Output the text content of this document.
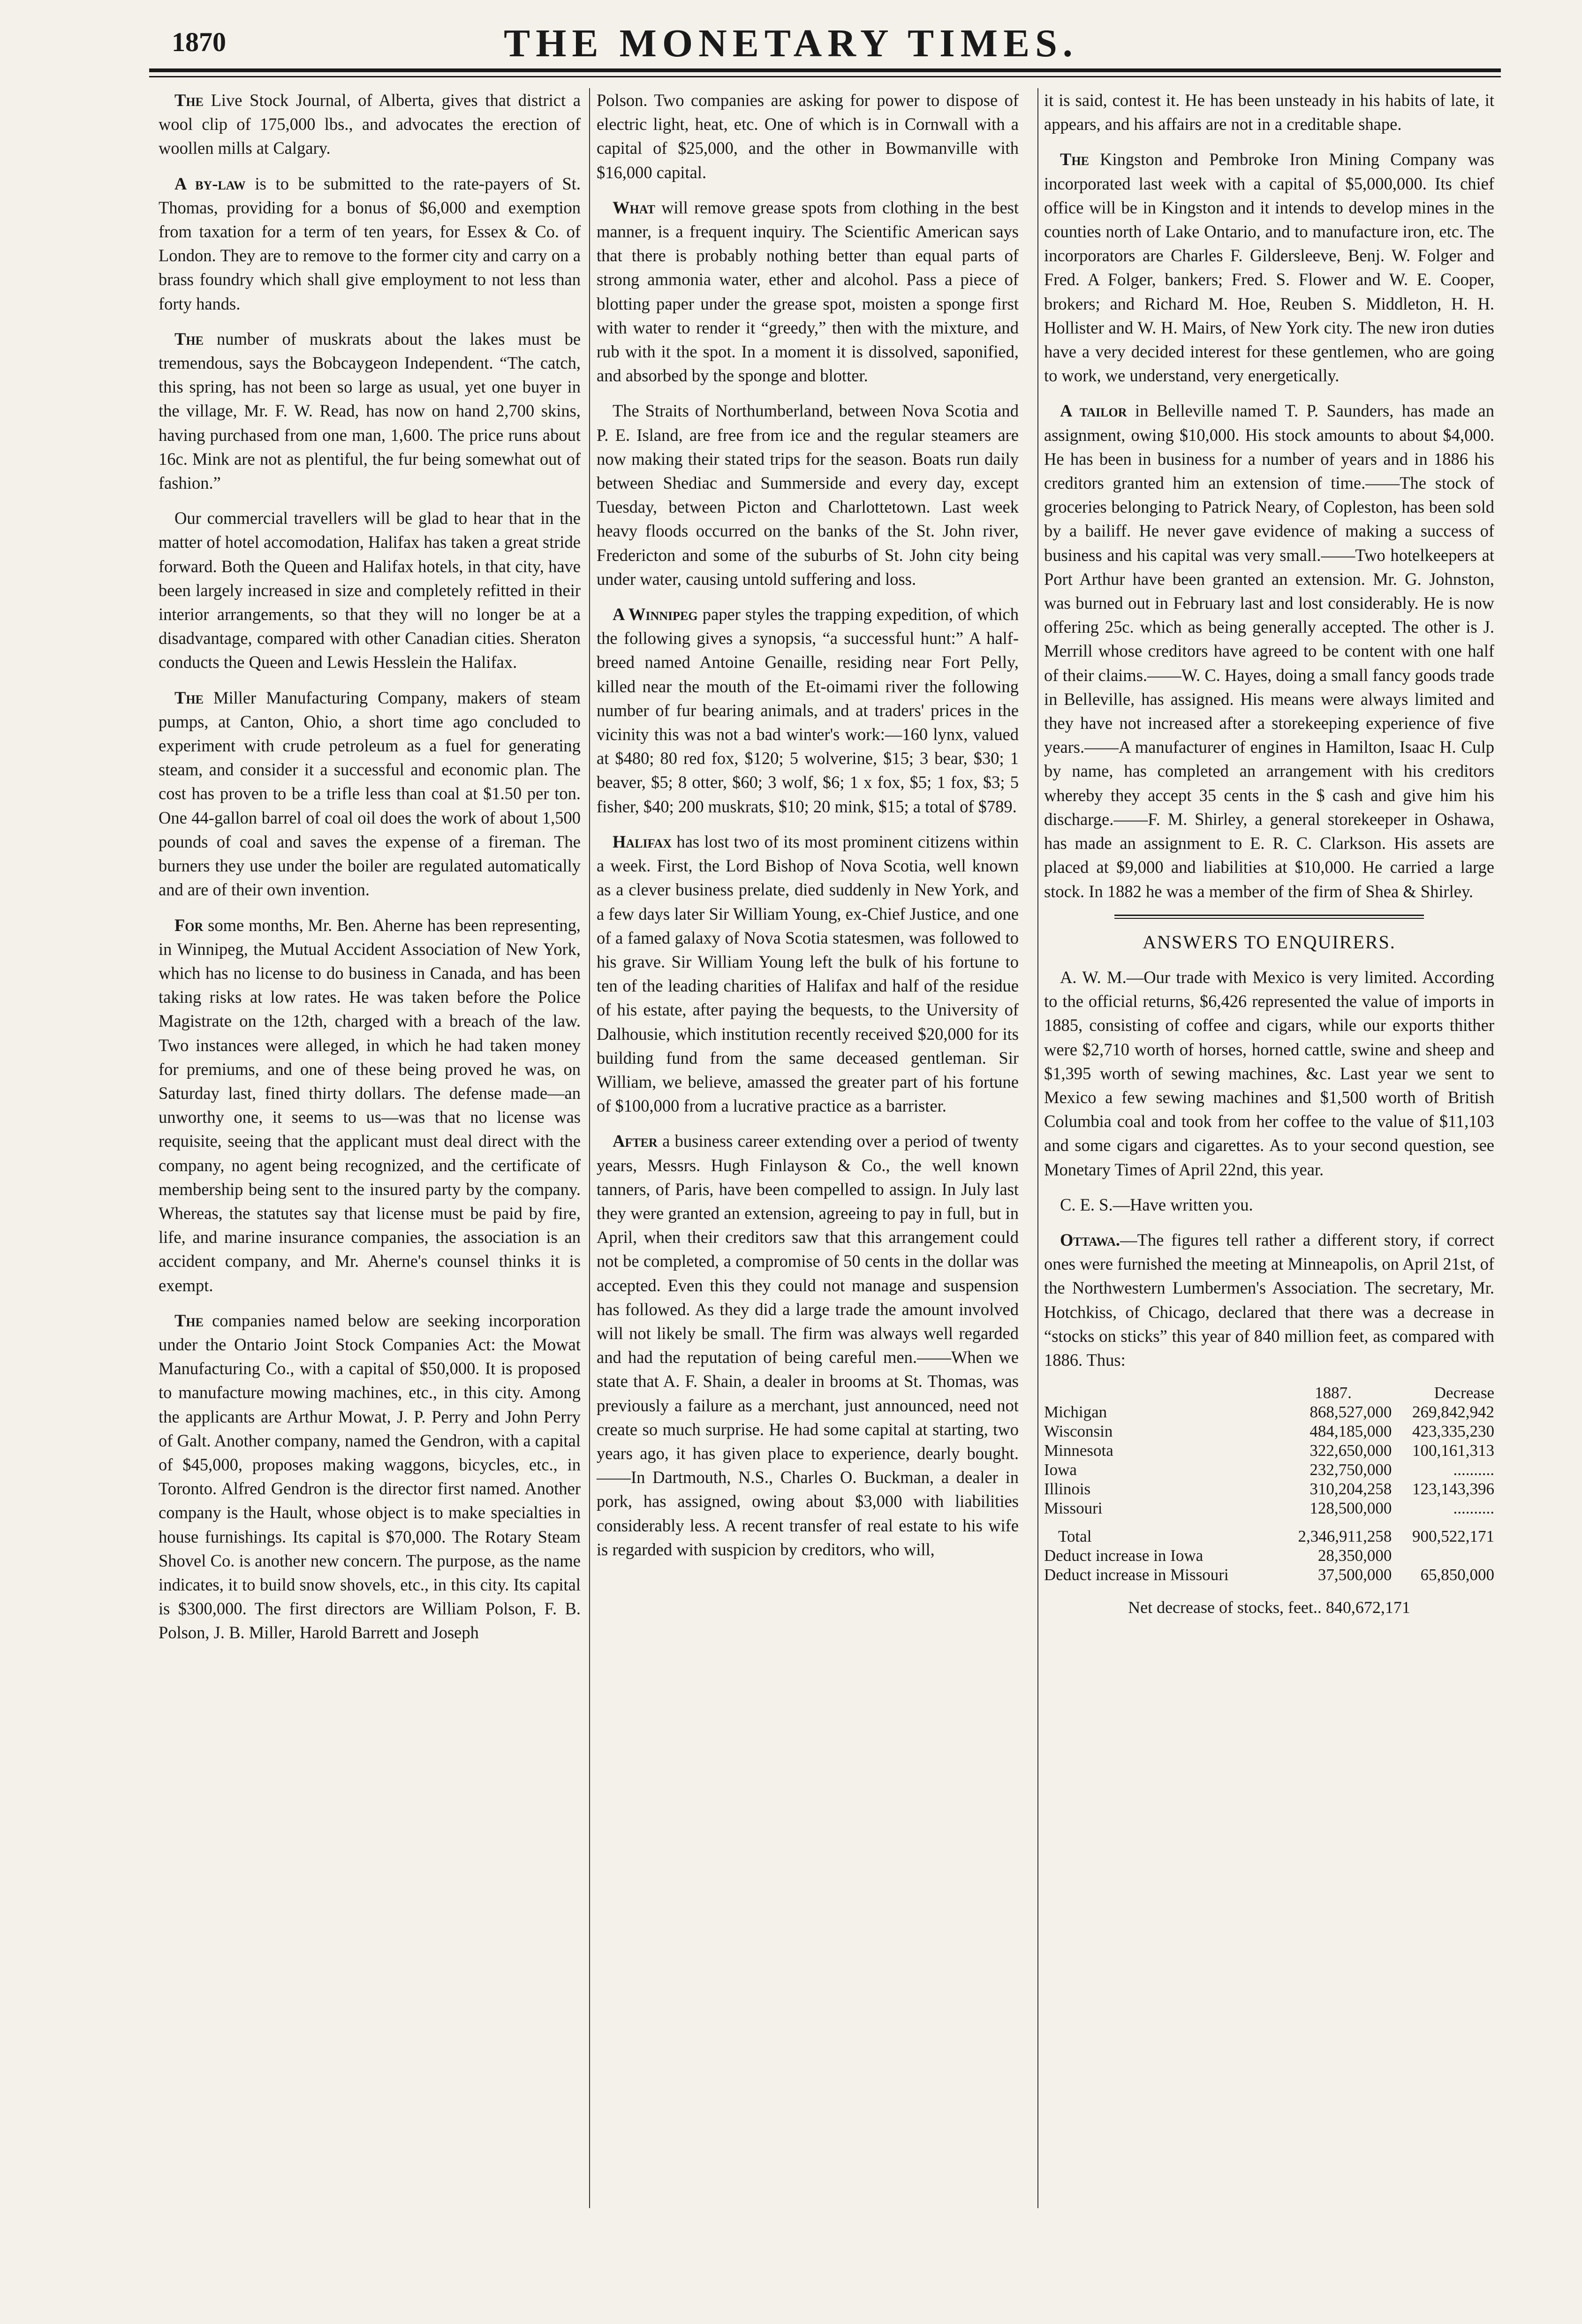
1870	THE MONETARY TIMES.

The Live Stock Journal, of Alberta, gives that district a wool clip of 175,000 lbs., and advocates the erection of woollen mills at Calgary.

A by-law is to be submitted to the rate-payers of St. Thomas, providing for a bonus of $6,000 and exemption from taxation for a term of ten years, for Essex & Co. of London. They are to remove to the former city and carry on a brass foundry which shall give employment to not less than forty hands.

The number of muskrats about the lakes must be tremendous, says the Bobcaygeon Independent. “The catch, this spring, has not been so large as usual, yet one buyer in the village, Mr. F. W. Read, has now on hand 2,700 skins, having purchased from one man, 1,600. The price runs about 16c. Mink are not as plentiful, the fur being somewhat out of fashion.”

Our commercial travellers will be glad to hear that in the matter of hotel accomodation, Halifax has taken a great stride forward. Both the Queen and Halifax hotels, in that city, have been largely increased in size and completely refitted in their interior arrangements, so that they will no longer be at a disadvantage, compared with other Canadian cities. Sheraton conducts the Queen and Lewis Hesslein the Halifax.

The Miller Manufacturing Company, makers of steam pumps, at Canton, Ohio, a short time ago concluded to experiment with crude petroleum as a fuel for generating steam, and consider it a successful and economic plan. The cost has proven to be a trifle less than coal at $1.50 per ton. One 44-gallon barrel of coal oil does the work of about 1,500 pounds of coal and saves the expense of a fireman. The burners they use under the boiler are regulated automatically and are of their own invention.

For some months, Mr. Ben. Aherne has been representing, in Winnipeg, the Mutual Accident Association of New York, which has no license to do business in Canada, and has been taking risks at low rates. He was taken before the Police Magistrate on the 12th, charged with a breach of the law. Two instances were alleged, in which he had taken money for premiums, and one of these being proved he was, on Saturday last, fined thirty dollars. The defense made—an unworthy one, it seems to us—was that no license was requisite, seeing that the applicant must deal direct with the company, no agent being recognized, and the certificate of membership being sent to the insured party by the company. Whereas, the statutes say that license must be paid by fire, life, and marine insurance companies, the association is an accident company, and Mr. Aherne's counsel thinks it is exempt.

The companies named below are seeking incorporation under the Ontario Joint Stock Companies Act: the Mowat Manufacturing Co., with a capital of $50,000. It is proposed to manufacture mowing machines, etc., in this city. Among the applicants are Arthur Mowat, J. P. Perry and John Perry of Galt. Another company, named the Gendron, with a capital of $45,000, proposes making waggons, bicycles, etc., in Toronto. Alfred Gendron is the director first named. Another company is the Hault, whose object is to make specialties in house furnishings. Its capital is $70,000. The Rotary Steam Shovel Co. is another new concern. The purpose, as the name indicates, it to build snow shovels, etc., in this city. Its capital is $300,000. The first directors are William Polson, F. B. Polson, J. B. Miller, Harold Barrett and Joseph

Polson. Two companies are asking for power to dispose of electric light, heat, etc. One of which is in Cornwall with a capital of $25,000, and the other in Bowmanville with $16,000 capital.

What will remove grease spots from clothing in the best manner, is a frequent inquiry. The Scientific American says that there is probably nothing better than equal parts of strong ammonia water, ether and alcohol. Pass a piece of blotting paper under the grease spot, moisten a sponge first with water to render it “greedy,” then with the mixture, and rub with it the spot. In a moment it is dissolved, saponified, and absorbed by the sponge and blotter.

The Straits of Northumberland, between Nova Scotia and P. E. Island, are free from ice and the regular steamers are now making their stated trips for the season. Boats run daily between Shediac and Summerside and every day, except Tuesday, between Picton and Charlottetown. Last week heavy floods occurred on the banks of the St. John river, Fredericton and some of the suburbs of St. John city being under water, causing untold suffering and loss.

A Winnipeg paper styles the trapping expedition, of which the following gives a synopsis, “a successful hunt:” A half-breed named Antoine Genaille, residing near Fort Pelly, killed near the mouth of the Et-oimami river the following number of fur bearing animals, and at traders' prices in the vicinity this was not a bad winter's work:—160 lynx, valued at $480; 80 red fox, $120; 5 wolverine, $15; 3 bear, $30; 1 beaver, $5; 8 otter, $60; 3 wolf, $6; 1 x fox, $5; 1 fox, $3; 5 fisher, $40; 200 muskrats, $10; 20 mink, $15; a total of $789.

Halifax has lost two of its most prominent citizens within a week. First, the Lord Bishop of Nova Scotia, well known as a clever business prelate, died suddenly in New York, and a few days later Sir William Young, ex-Chief Justice, and one of a famed galaxy of Nova Scotia statesmen, was followed to his grave. Sir William Young left the bulk of his fortune to ten of the leading charities of Halifax and half of the residue of his estate, after paying the bequests, to the University of Dalhousie, which institution recently received $20,000 for its building fund from the same deceased gentleman. Sir William, we believe, amassed the greater part of his fortune of $100,000 from a lucrative practice as a barrister.

After a business career extending over a period of twenty years, Messrs. Hugh Finlayson & Co., the well known tanners, of Paris, have been compelled to assign. In July last they were granted an extension, agreeing to pay in full, but in April, when their creditors saw that this arrangement could not be completed, a compromise of 50 cents in the dollar was accepted. Even this they could not manage and suspension has followed. As they did a large trade the amount involved will not likely be small. The firm was always well regarded and had the reputation of being careful men.——When we state that A. F. Shain, a dealer in brooms at St. Thomas, was previously a failure as a merchant, just announced, need not create so much surprise. He had some capital at starting, two years ago, it has given place to experience, dearly bought.——In Dartmouth, N.S., Charles O. Buckman, a dealer in pork, has assigned, owing about $3,000 with liabilities considerably less. A recent transfer of real estate to his wife is regarded with suspicion by creditors, who will,

it is said, contest it. He has been unsteady in his habits of late, it appears, and his affairs are not in a creditable shape.

The Kingston and Pembroke Iron Mining Company was incorporated last week with a capital of $5,000,000. Its chief office will be in Kingston and it intends to develop mines in the counties north of Lake Ontario, and to manufacture iron, etc. The incorporators are Charles F. Gildersleeve, Benj. W. Folger and Fred. A Folger, bankers; Fred. S. Flower and W. E. Cooper, brokers; and Richard M. Hoe, Reuben S. Middleton, H. H. Hollister and W. H. Mairs, of New York city. The new iron duties have a very decided interest for these gentlemen, who are going to work, we understand, very energetically.

A tailor in Belleville named T. P. Saunders, has made an assignment, owing $10,000. His stock amounts to about $4,000. He has been in business for a number of years and in 1886 his creditors granted him an extension of time.——The stock of groceries belonging to Patrick Neary, of Copleston, has been sold by a bailiff. He never gave evidence of making a success of business and his capital was very small.——Two hotelkeepers at Port Arthur have been granted an extension. Mr. G. Johnston, was burned out in February last and lost considerably. He is now offering 25c. which as being generally accepted. The other is J. Merrill whose creditors have agreed to be content with one half of their claims.——W. C. Hayes, doing a small fancy goods trade in Belleville, has assigned. His means were always limited and they have not increased after a storekeeping experience of five years.——A manufacturer of engines in Hamilton, Isaac H. Culp by name, has completed an arrangement with his creditors whereby they accept 35 cents in the $ cash and give him his discharge.——F. M. Shirley, a general storekeeper in Oshawa, has made an assignment to E. R. C. Clarkson. His assets are placed at $9,000 and liabilities at $10,000. He carried a large stock. In 1882 he was a member of the firm of Shea & Shirley.

ANSWERS TO ENQUIRERS.

A. W. M.—Our trade with Mexico is very limited. According to the official returns, $6,426 represented the value of imports in 1885, consisting of coffee and cigars, while our exports thither were $2,710 worth of horses, horned cattle, swine and sheep and $1,395 worth of sewing machines, &c. Last year we sent to Mexico a few sewing machines and $1,500 worth of British Columbia coal and took from her coffee to the value of $11,103 and some cigars and cigarettes. As to your second question, see Monetary Times of April 22nd, this year.

C. E. S.—Have written you.

Ottawa.—The figures tell rather a different story, if correct ones were furnished the meeting at Minneapolis, on April 21st, of the Northwestern Lumbermen's Association. The secretary, Mr. Hotchkiss, of Chicago, declared that there was a decrease in “stocks on sticks” this year of 840 million feet, as compared with 1886. Thus:

	1887.	Decrease
Michigan	868,527,000	269,842,942
Wisconsin	484,185,000	423,335,230
Minnesota	322,650,000	100,161,313
Iowa	232,750,000	..........
Illinois	310,204,258	123,143,396
Missouri	128,500,000	..........
Total	2,346,911,258	900,522,171
Deduct increase in Iowa	28,350,000	
Deduct increase in Missouri	37,500,000	65,850,000
Net decrease of stocks, feet.. 840,672,171
